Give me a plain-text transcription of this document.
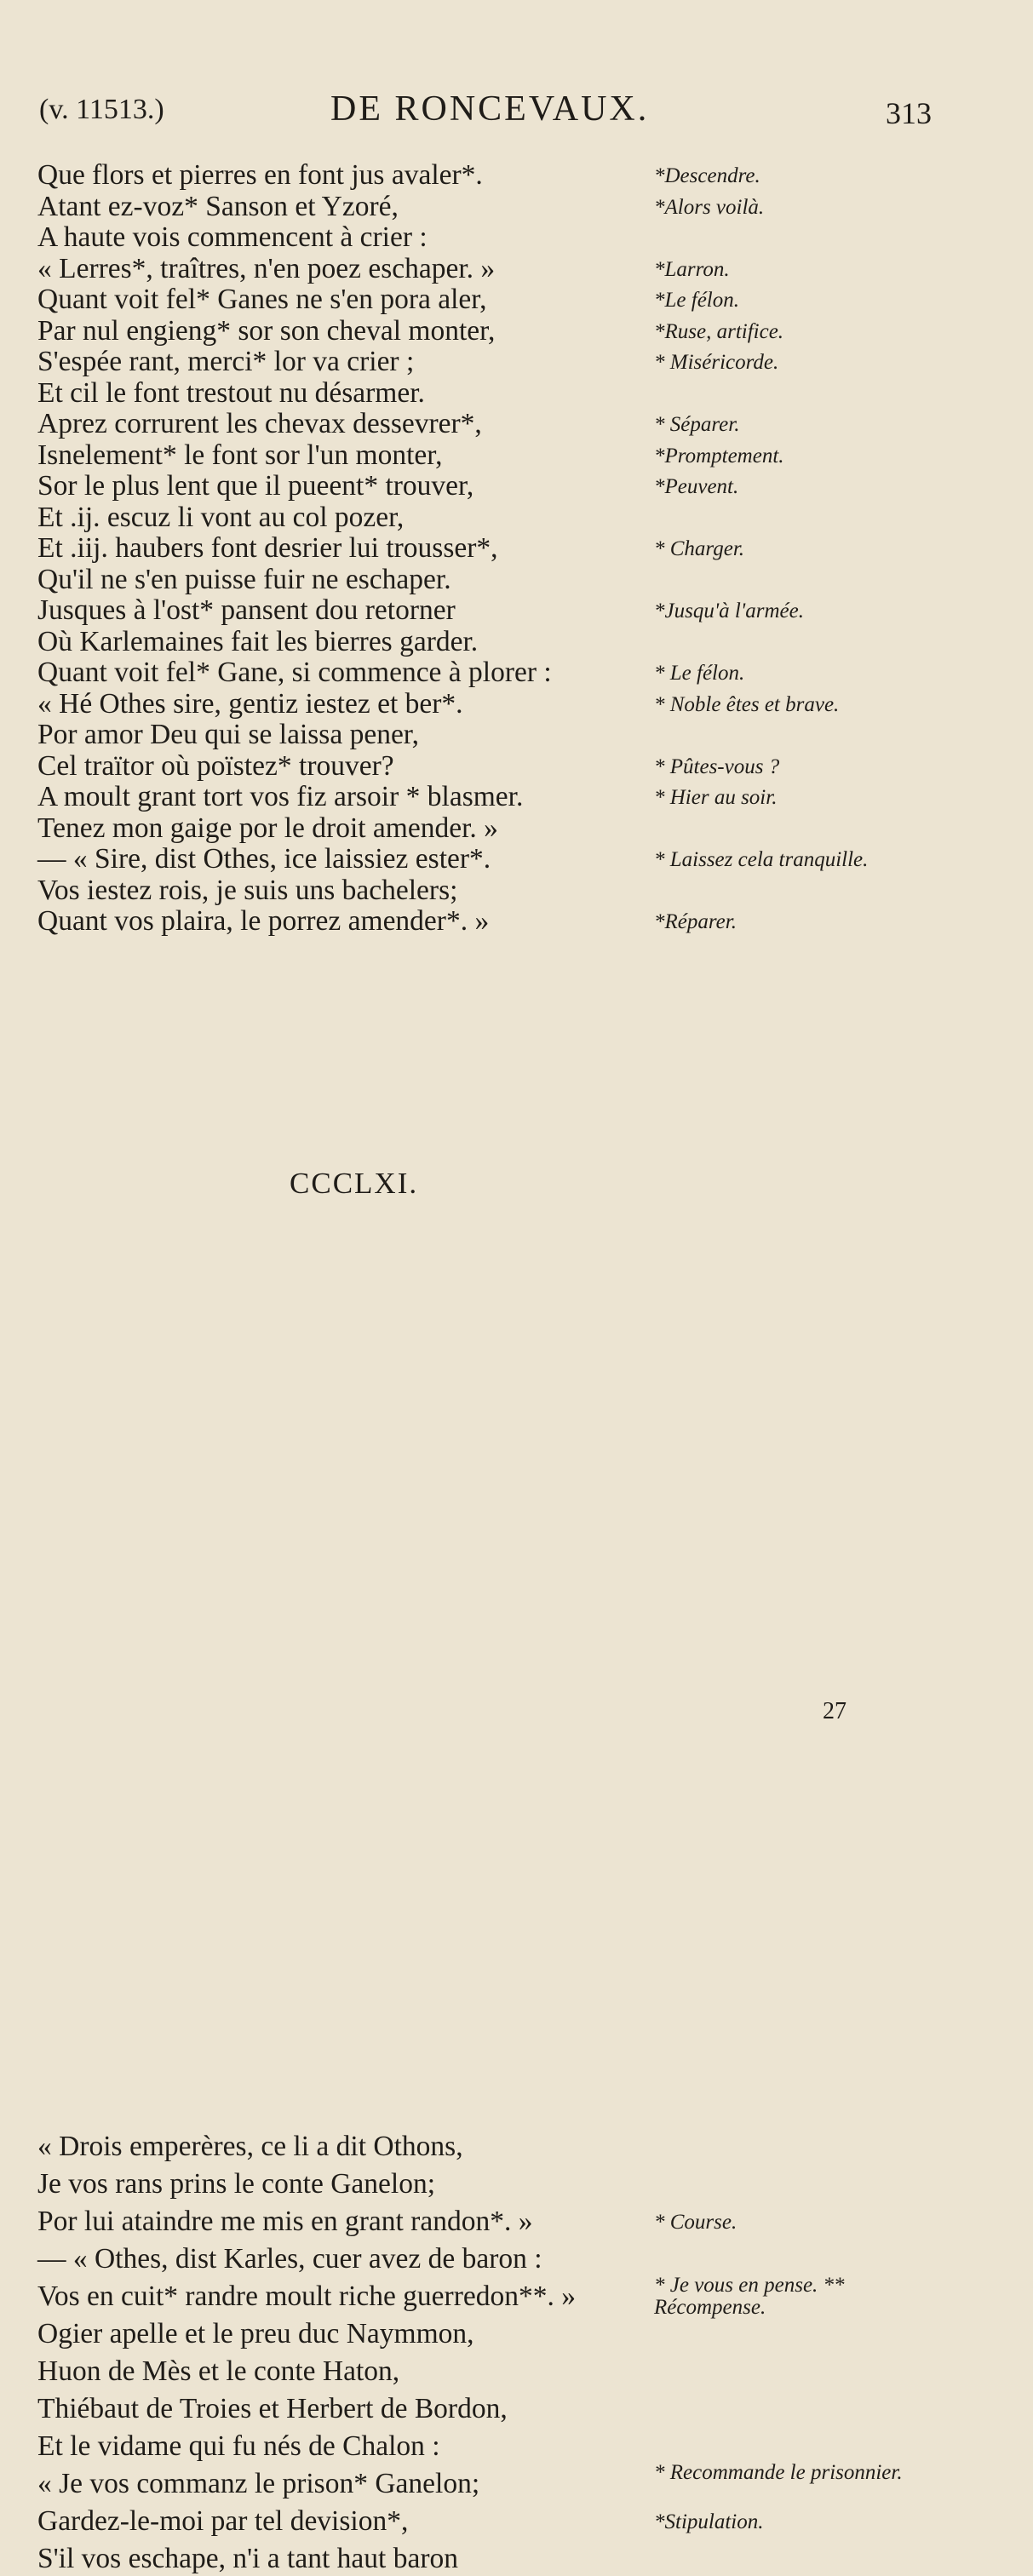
(v. 11513.)	DE RONCEVAUX.	313
Que flors et pierres en font jus avaler*.
Atant ez-voz* Sanson et Yzoré,
A haute vois commencent à crier :
« Lerres*, traîtres, n'en poez eschaper. »
Quant voit fel* Ganes ne s'en pora aler,
Par nul engieng* sor son cheval monter,
S'espée rant, merci* lor va crier ;
Et cil le font trestout nu désarmer.
Aprez corrurent les chevax dessevrer*,
Isnelement* le font sor l'un monter,
Sor le plus lent que il pueent* trouver,
Et .ij. escuz li vont au col pozer,
Et .iij. haubers font desrier lui trousser*,
Qu'il ne s'en puisse fuir ne eschaper.
Jusques à l'ost* pansent dou retorner
Où Karlemaines fait les bierres garder.
Quant voit fel* Gane, si commence à plorer :
« Hé Othes sire, gentiz iestez et ber*.
Por amor Deu qui se laissa pener,
Cel traïtor où poïstez* trouver?
A moult grant tort vos fiz arsoir * blasmer.
Tenez mon gaige por le droit amender. »
— « Sire, dist Othes, ice laissiez ester*.
Vos iestez rois, je suis uns bachelers;
Quant vos plaira, le porrez amender*. »
« Drois emperères, ce li a dit Othons,
Je vos rans prins le conte Ganelon;
Por lui ataindre me mis en grant randon*. »
— « Othes, dist Karles, cuer avez de baron :
Vos en cuit* randre moult riche guerredon**. »
Ogier apelle et le preu duc Naymmon,
Huon de Mès et le conte Haton,
Thiébaut de Troies et Herbert de Bordon,
Et le vidame qui fu nés de Chalon :
« Je vos commanz le prison* Ganelon;
Gardez-le-moi par tel devision*,
S'il vos eschape, n'i a tant haut baron
*Descendre.
*Alors voilà.
*Larron.
*Le félon.
*Ruse, artifice.
* Miséricorde.
* Séparer.
*Promptement.
*Peuvent.
* Charger.
*Jusqu'à l'armée.
* Le félon.
* Noble êtes et brave.
* Pûtes-vous ?
* Hier au soir.
* Laissez cela tranquille.
*Réparer.
* Course.
* Je vous en pense. ** Récompense.
* Recommande le prisonnier.
*Stipulation.
CCCLXI.
27
